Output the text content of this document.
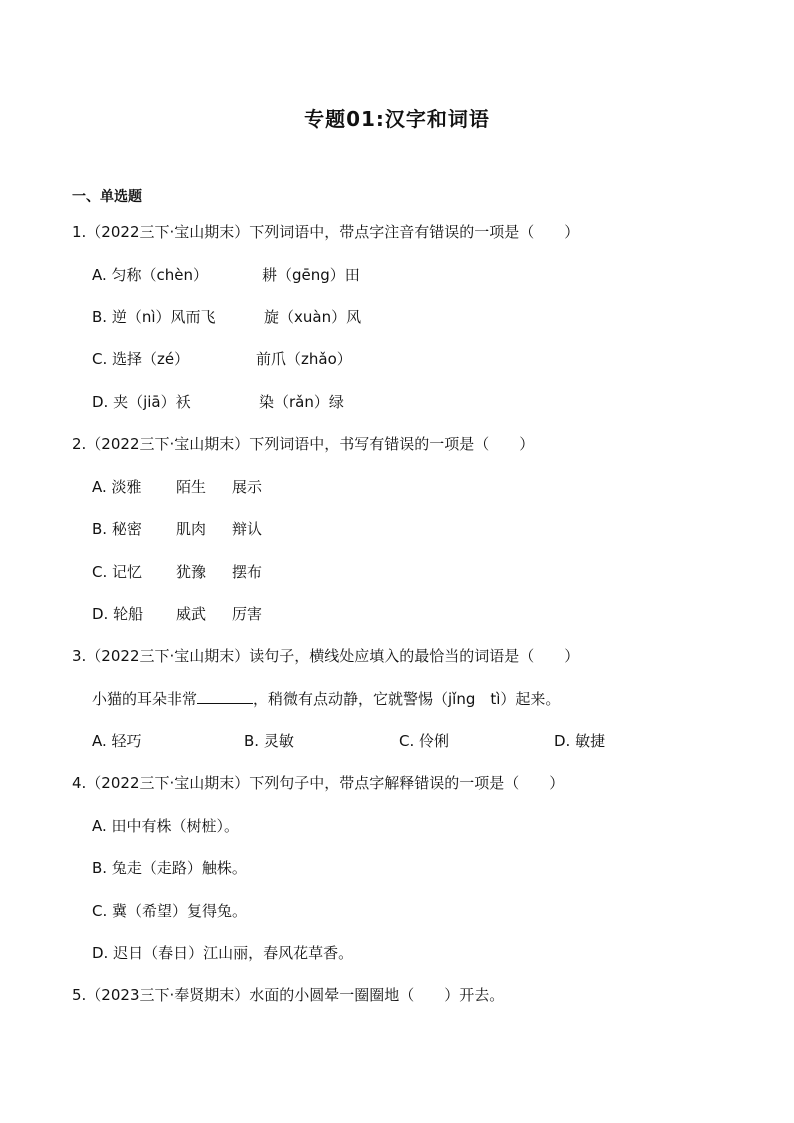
专题01:汉字和词语
一、单选题
1.（2022三下·宝山期末）下列词语中，带点字注音有错误的一项是（　　）
A. 匀称（chèn）	耕（gēng）田
B. 逆（nì）风而飞	旋（xuàn）风
C. 选择（zé）	前爪（zhǎo）
D. 夹（jiā）袄	染（rǎn）绿
2.（2022三下·宝山期末）下列词语中，书写有错误的一项是（　　）
A. 淡雅 陌生 展示
B. 秘密 肌肉 辩认
C. 记忆 犹豫 摆布
D. 轮船 威武 厉害
3.（2022三下·宝山期末）读句子，横线处应填入的最恰当的词语是（　　）
小猫的耳朵非常	，稍微有点动静，它就警惕（jǐng　tì）起来。
A. 轻巧	B. 灵敏	C. 伶俐	D. 敏捷
4.（2022三下·宝山期末）下列句子中，带点字解释错误的一项是（　　）
A. 田中有株（树桩）。
B. 兔走（走路）触株。
C. 冀（希望）复得兔。
D. 迟日（春日）江山丽，春风花草香。
5.（2023三下·奉贤期末）水面的小圆晕一圈圈地（　　）开去。
